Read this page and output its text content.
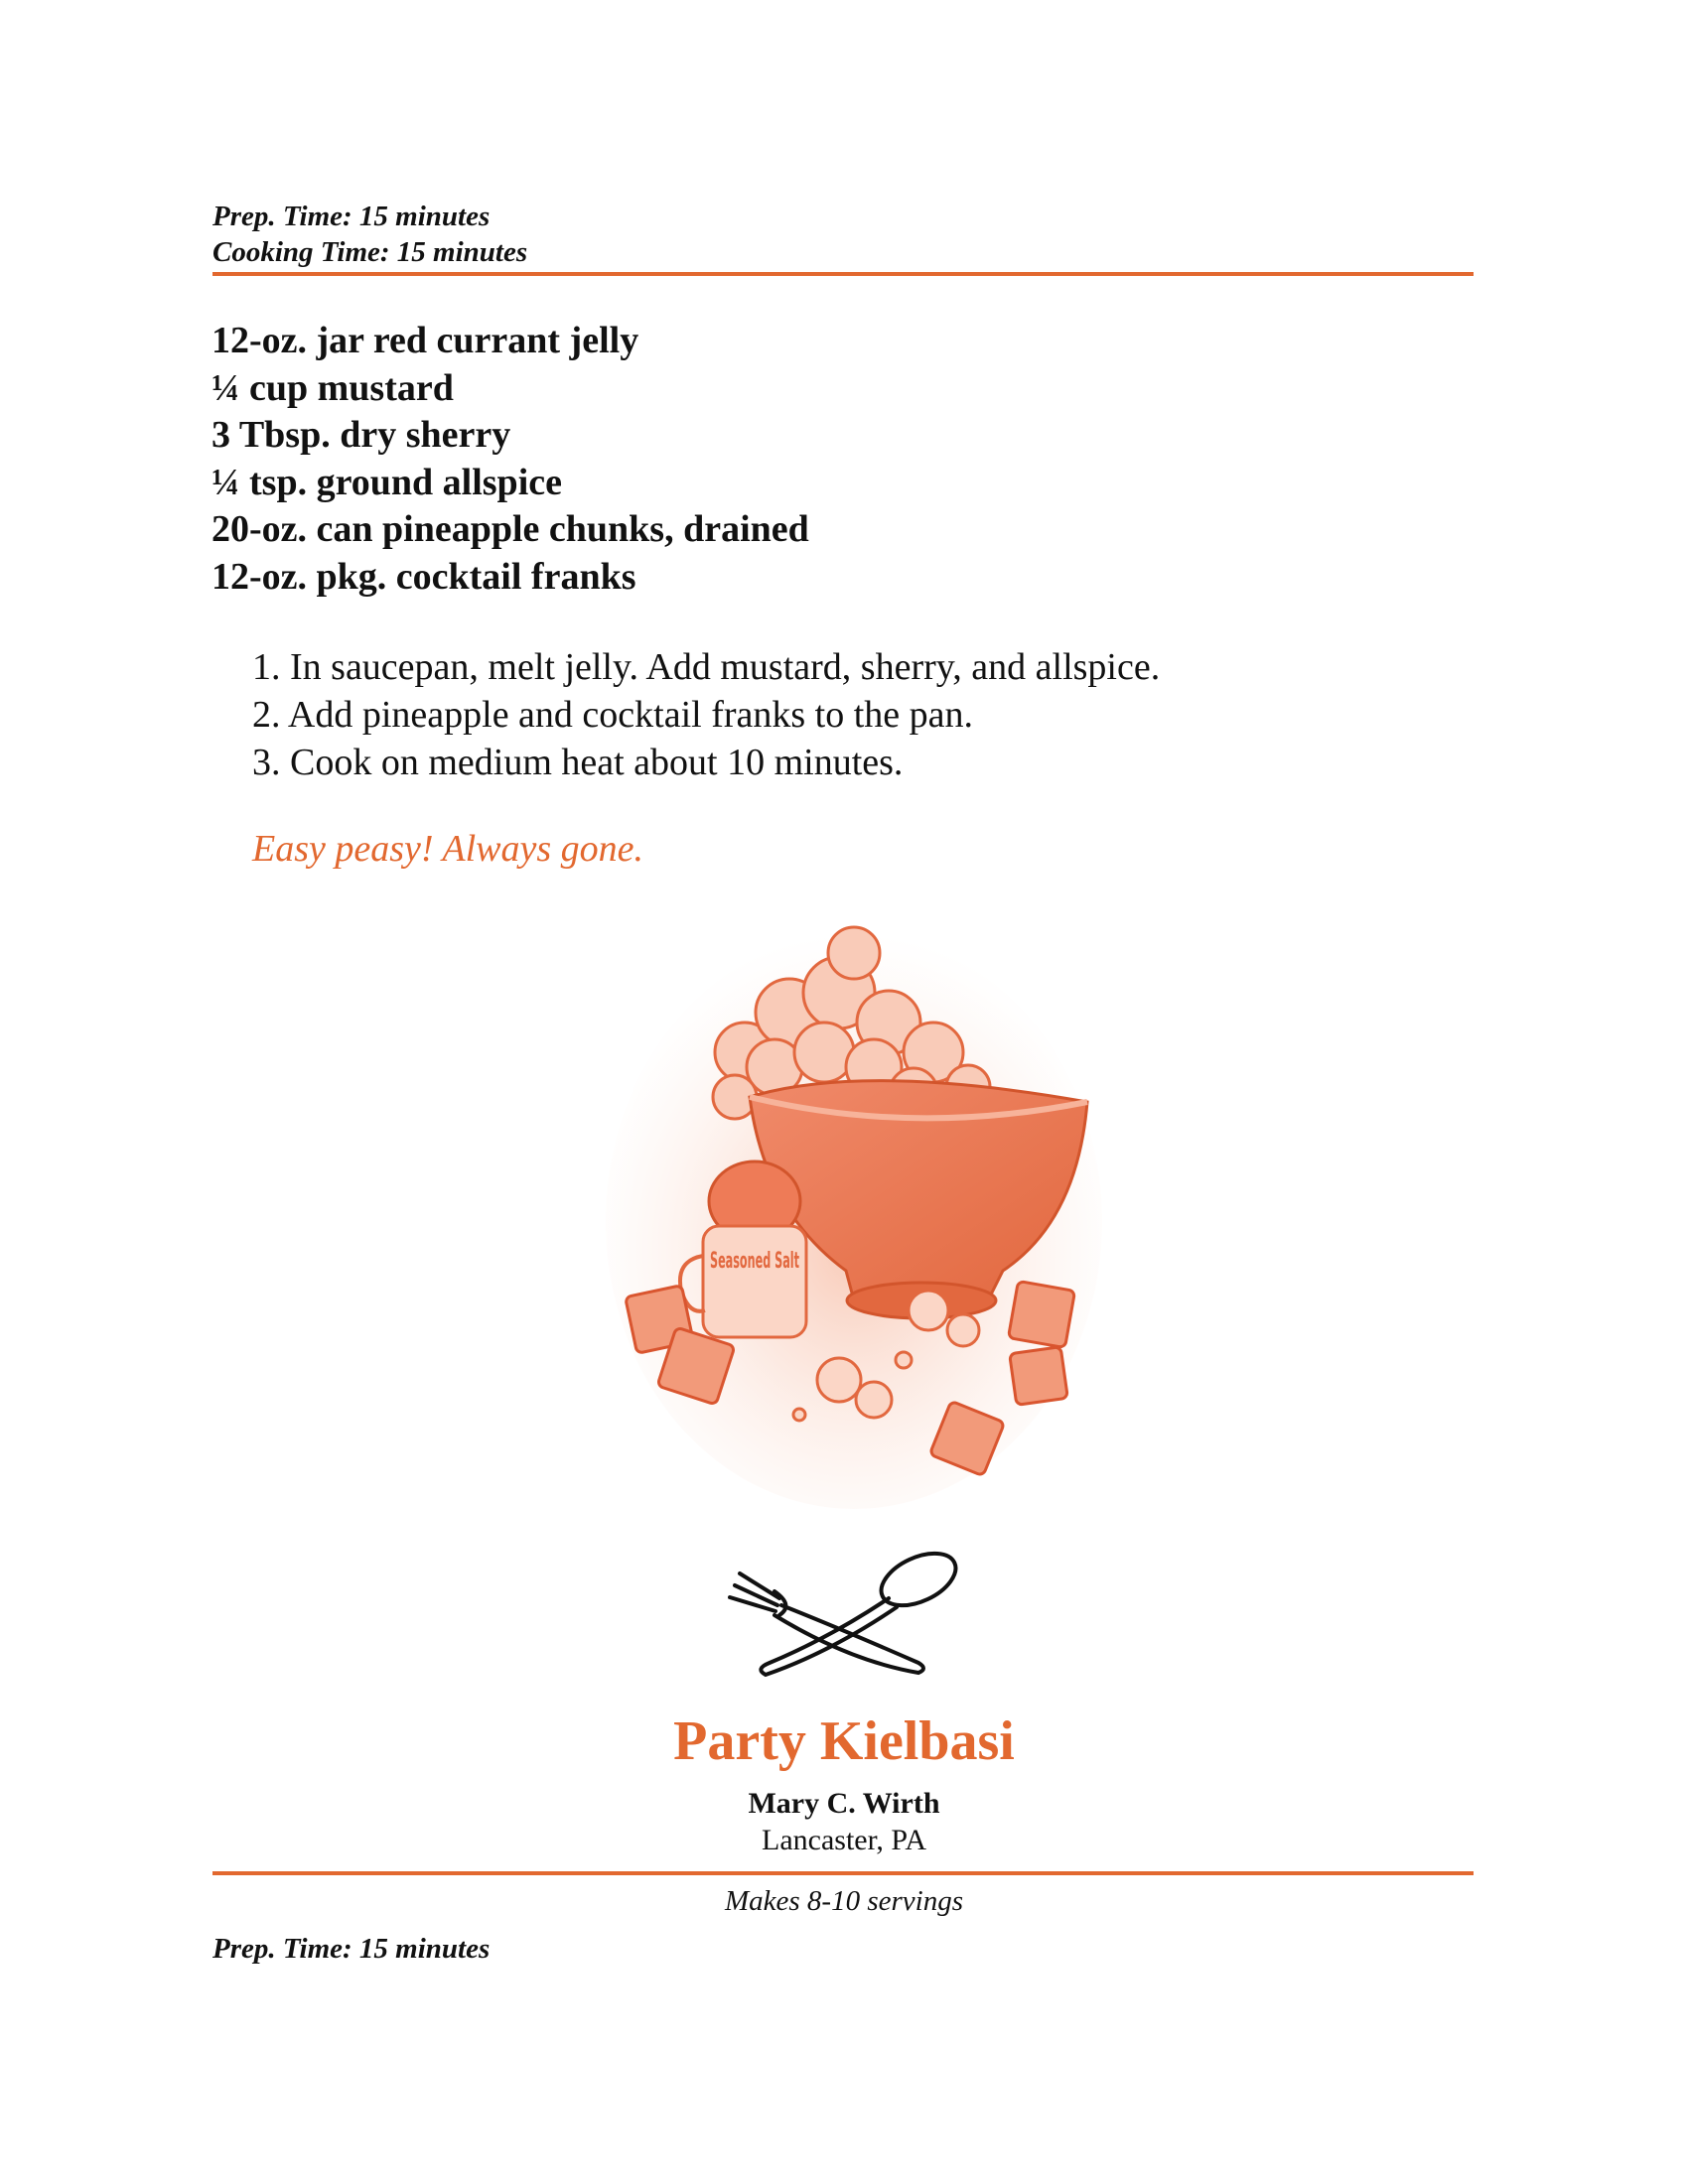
Prep. Time: 15 minutes
Cooking Time: 15 minutes
12-oz. jar red currant jelly
¼ cup mustard
3 Tbsp. dry sherry
¼ tsp. ground allspice
20-oz. can pineapple chunks, drained
12-oz. pkg. cocktail franks
1. In saucepan, melt jelly. Add mustard, sherry, and allspice.
2. Add pineapple and cocktail franks to the pan.
3. Cook on medium heat about 10 minutes.
Easy peasy! Always gone.
Seasoned Salt
Party Kielbasi
Mary C. Wirth
Lancaster, PA
Makes 8-10 servings
Prep. Time: 15 minutes
